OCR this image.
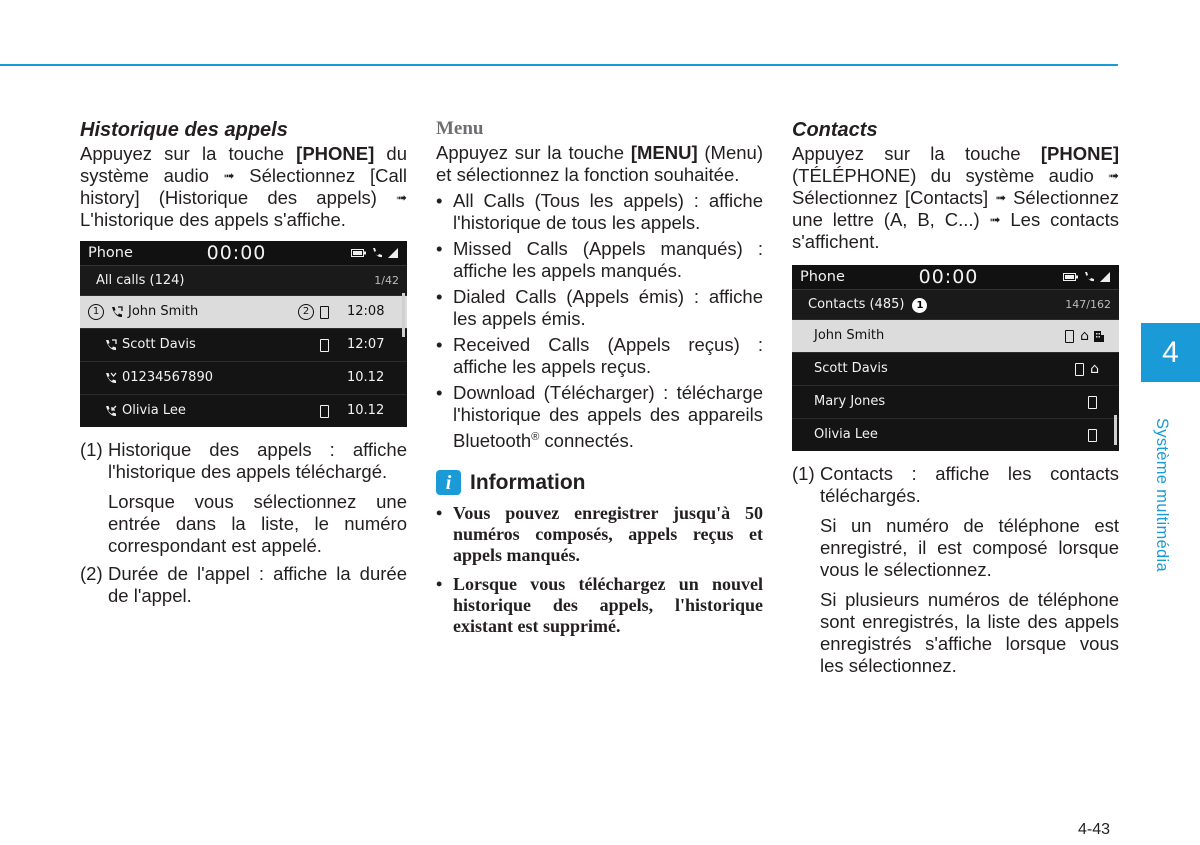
Historique des appels

Appuyez sur la touche [PHONE] du système audio ➟ Sélectionnez [Call history] (Historique des appels) ➟ L'historique des appels s'affiche.

Phone	00:00
All calls (124)	1/42
1	John Smith	2	12:08
Scott Davis	12:07
01234567890	10.12
Olivia Lee	10.12
(1) Historique des appels : affiche l'historique des appels téléchargé.

Lorsque vous sélectionnez une entrée dans la liste, le numéro correspondant est appelé.

(2) Durée de l'appel : affiche la durée de l'appel.

Menu

Appuyez sur la touche [MENU] (Menu) et sélectionnez la fonction souhaitée.

• All Calls (Tous les appels) : affiche l'historique de tous les appels.
• Missed Calls (Appels manqués) : affiche les appels manqués.
• Dialed Calls (Appels émis) : affiche les appels émis.
• Received Calls (Appels reçus) : affiche les appels reçus.
• Download (Télécharger) : télécharge l'historique des appels des appareils Bluetooth® connectés.
i Information
• Vous pouvez enregistrer jusqu'à 50 numéros composés, appels reçus et appels manqués.
• Lorsque vous téléchargez un nouvel historique des appels, l'historique existant est supprimé.
Contacts

Appuyez sur la touche [PHONE] (TÉLÉPHONE) du système audio ➟ Sélectionnez [Contacts] ➟ Sélectionnez une lettre (A, B, C...) ➟ Les contacts s'affichent.

Phone	00:00
Contacts (485) 1	147/162
John Smith	⌂
Scott Davis	⌂
Mary Jones
Olivia Lee
(1) Contacts : affiche les contacts téléchargés.

Si un numéro de téléphone est enregistré, il est composé lorsque vous le sélectionnez.

Si plusieurs numéros de téléphone sont enregistrés, la liste des appels enregistrés s'affiche lorsque vous les sélectionnez.

4
Système multimédia
4-43
